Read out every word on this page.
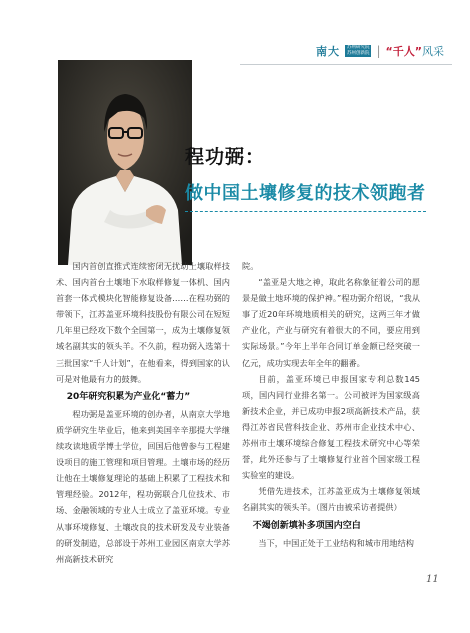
南大	苏州研究院
苏州创新院 | “千人”风采
程功弼：
做中国土壤修复的技术领跑者

国内首创直推式连续密闭无扰动土壤取样技术、国内首台土壤地下水取样修复一体机、国内首套一体式模块化智能修复设备……在程功弼的带领下，江苏盖亚环境科技股份有限公司在短短几年里已经攻下数个全国第一，成为土壤修复领域名副其实的领头羊。不久前，程功弼入选第十三批国家“千人计划”，在他看来，得到国家的认可是对他最有力的鼓舞。

20年研究积累为产业化“蓄力”

程功弼是盖亚环境的创办者，从南京大学地质学研究生毕业后，他来到美国辛辛那提大学继续攻读地质学博士学位，回国后他曾参与工程建设项目的施工管理和项目管理。土壤市场的经历让他在土壤修复理论的基础上积累了工程技术和管理经验。2012年，程功弼联合几位技术、市场、金融领域的专业人士成立了盖亚环境。专业从事环境修复、土壤改良的技术研发及专业装备的研发制造，总部设于苏州工业园区南京大学苏州高新技术研究

院。

“盖亚是大地之神，取此名称象征着公司的愿景是做土地环境的保护神。”程功弼介绍说，“我从事了近20年环境地质相关的研究，这两三年才做产业化，产业与研究有着很大的不同，要应用到实际场景。”今年上半年合同订单金额已经突破一亿元，成功实现去年全年的翻番。

目前，盖亚环境已申报国家专利总数145项，国内同行业排名第一。公司被评为国家级高新技术企业，并已成功申报2项高新技术产品，获得江苏省民营科技企业、苏州市企业技术中心、苏州市土壤环境综合修复工程技术研究中心等荣誉，此外还参与了土壤修复行业首个国家级工程实验室的建设。

凭借先进技术，江苏盖亚成为土壤修复领域名副其实的领头羊。（图片由被采访者提供）

不竭创新填补多项国内空白

当下，中国正处于工业结构和城市用地结构

11
